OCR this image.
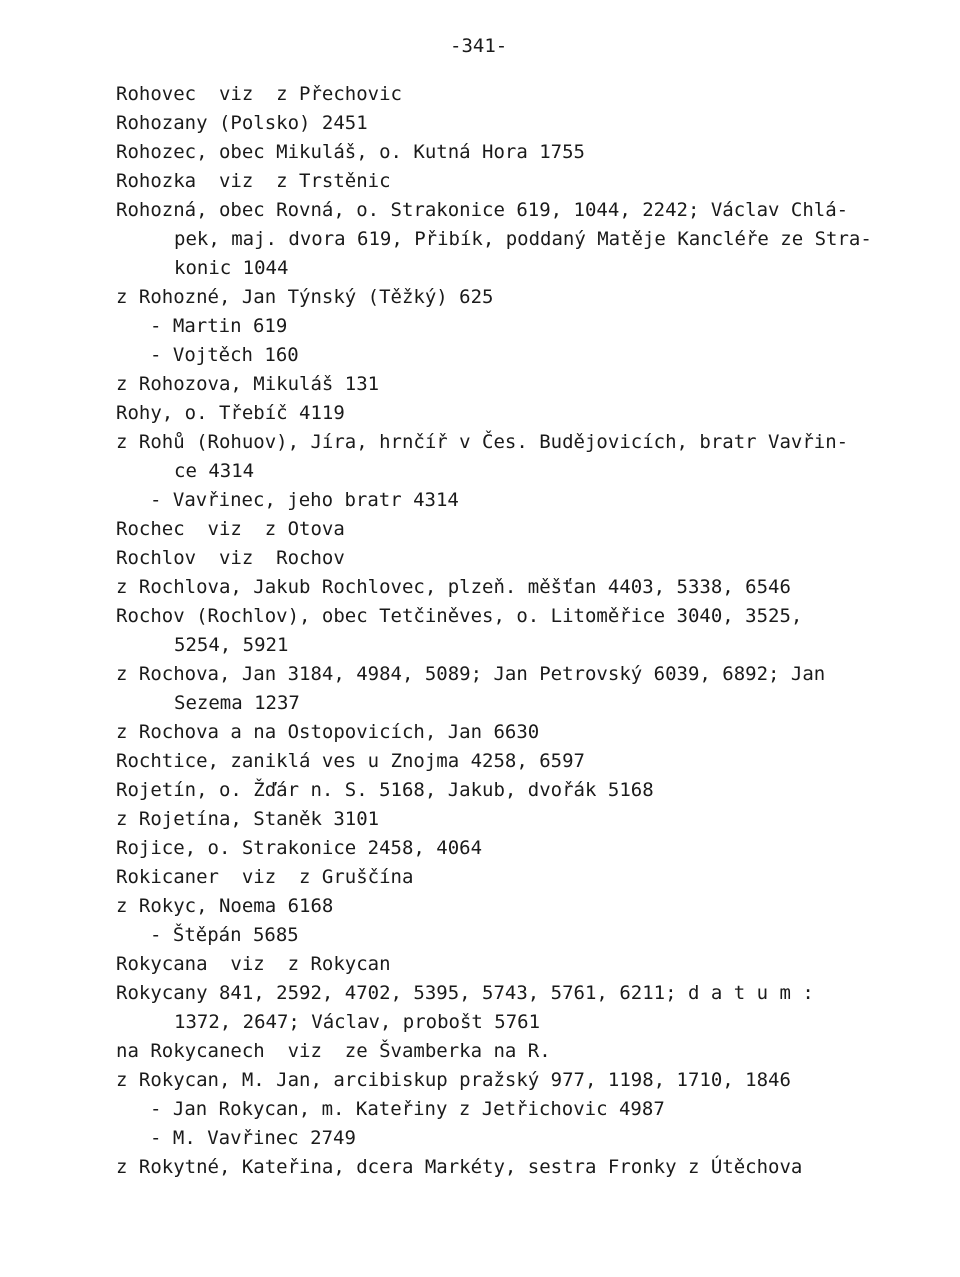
-341-
Rohovec  viz  z Přechovic
Rohozany (Polsko) 2451
Rohozec, obec Mikuláš, o. Kutná Hora 1755
Rohozka  viz  z Trstěnic
Rohozná, obec Rovná, o. Strakonice 619, 1044, 2242; Václav Chlá-
pek, maj. dvora 619, Přibík, poddaný Matěje Kancléře ze Stra-
konic 1044
z Rohozné, Jan Týnský (Těžký) 625
- Martin 619
- Vojtěch 160
z Rohozova, Mikuláš 131
Rohy, o. Třebíč 4119
z Rohů (Rohuov), Jíra, hrnčíř v Čes. Budějovicích, bratr Vavřin-
ce 4314
- Vavřinec, jeho bratr 4314
Rochec  viz  z Otova
Rochlov  viz  Rochov
z Rochlova, Jakub Rochlovec, plzeň. měšťan 4403, 5338, 6546
Rochov (Rochlov), obec Tetčiněves, o. Litoměřice 3040, 3525,
5254, 5921
z Rochova, Jan 3184, 4984, 5089; Jan Petrovský 6039, 6892; Jan
Sezema 1237
z Rochova a na Ostopovicích, Jan 6630
Rochtice, zaniklá ves u Znojma 4258, 6597
Rojetín, o. Žďár n. S. 5168, Jakub, dvořák 5168
z Rojetína, Staněk 3101
Rojice, o. Strakonice 2458, 4064
Rokicaner  viz  z Gruščína
z Rokyc, Noema 6168
- Štěpán 5685
Rokycana  viz  z Rokycan
Rokycany 841, 2592, 4702, 5395, 5743, 5761, 6211; d a t u m :
1372, 2647; Václav, probošt 5761
na Rokycanech  viz  ze Švamberka na R.
z Rokycan, M. Jan, arcibiskup pražský 977, 1198, 1710, 1846
- Jan Rokycan, m. Kateřiny z Jetřichovic 4987
- M. Vavřinec 2749
z Rokytné, Kateřina, dcera Markéty, sestra Fronky z Útěchova
